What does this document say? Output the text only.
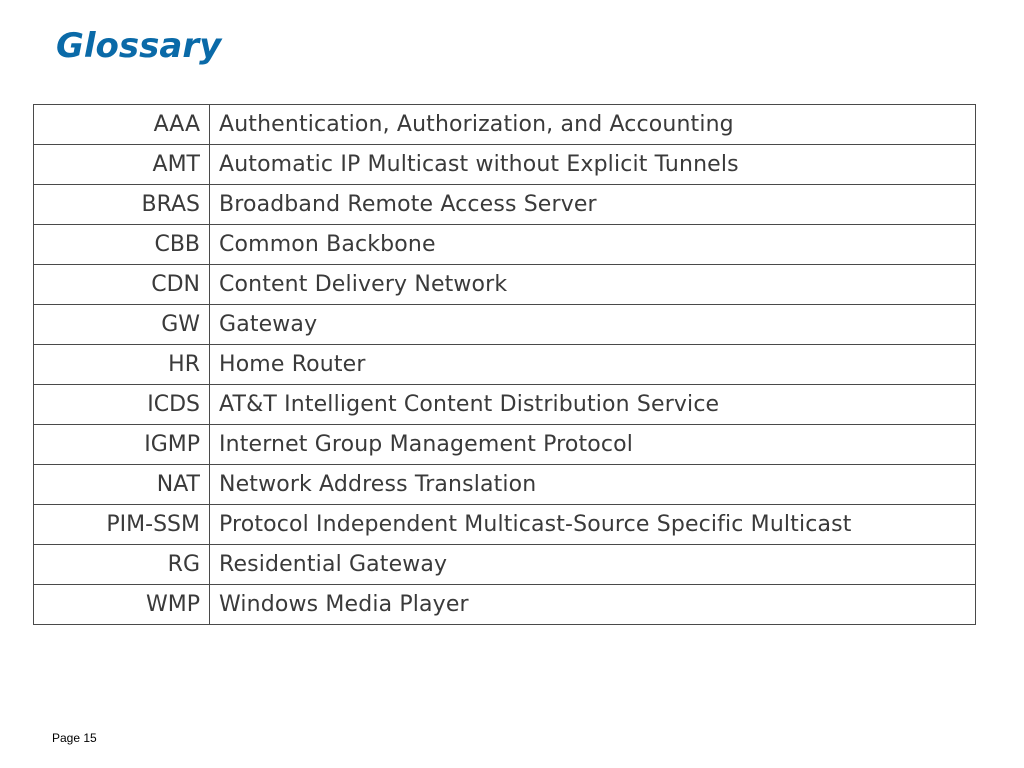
Glossary
AAA	Authentication, Authorization, and Accounting
AMT	Automatic IP Multicast without Explicit Tunnels
BRAS	Broadband Remote Access Server
CBB	Common Backbone
CDN	Content Delivery Network
GW	Gateway
HR	Home Router
ICDS	AT&T Intelligent Content Distribution Service
IGMP	Internet Group Management Protocol
NAT	Network Address Translation
PIM-SSM	Protocol Independent Multicast-Source Specific Multicast
RG	Residential Gateway
WMP	Windows Media Player
Page 15
